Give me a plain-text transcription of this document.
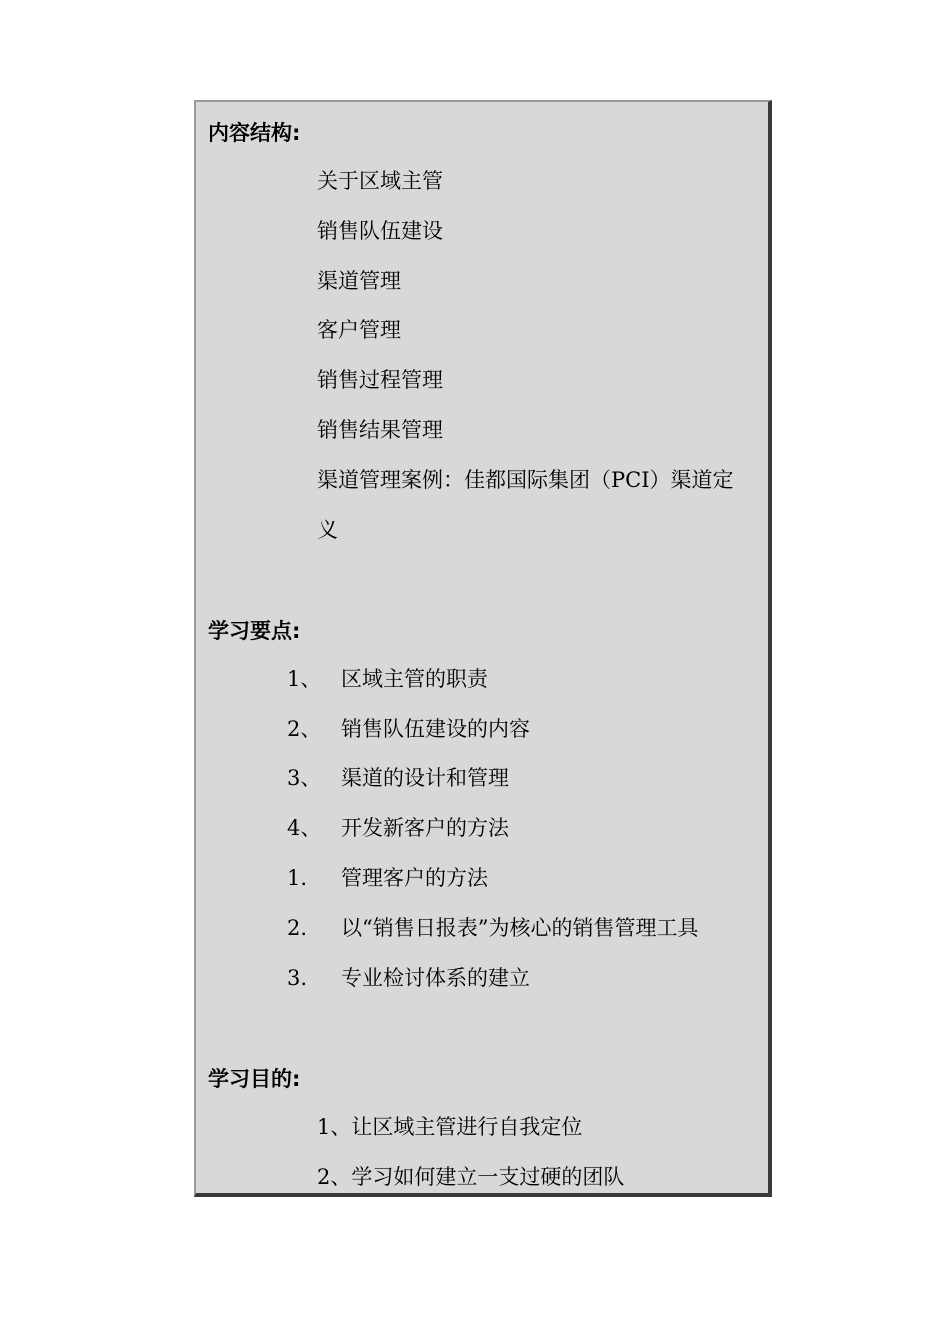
内容结构:
关于区域主管
销售队伍建设
渠道管理
客户管理
销售过程管理
销售结果管理
渠道管理案例：佳都国际集团（PCI）渠道定
义
学习要点:
1、 区域主管的职责
2、 销售队伍建设的内容
3、 渠道的设计和管理
4、 开发新客户的方法
1. 管理客户的方法
2. 以“销售日报表”为核心的销售管理工具
3. 专业检讨体系的建立
学习目的:
1、让区域主管进行自我定位
2、学习如何建立一支过硬的团队
